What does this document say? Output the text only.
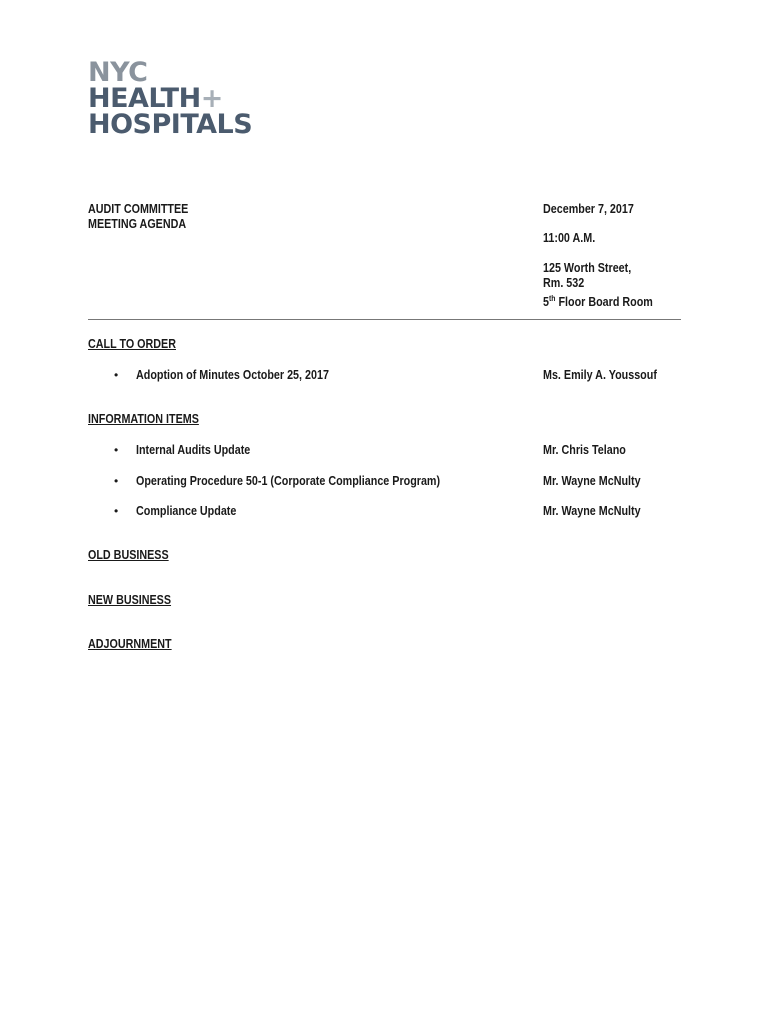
NYC
HEALTH+
HOSPITALS
AUDIT COMMITTEE
MEETING AGENDA
December 7, 2017
11:00 A.M.
125 Worth Street,
Rm. 532
5th Floor Board Room
CALL TO ORDER
• Adoption of Minutes October 25, 2017	Ms. Emily A. Youssouf
INFORMATION ITEMS
• Internal Audits Update	Mr. Chris Telano
• Operating Procedure 50-1 (Corporate Compliance Program)	Mr. Wayne McNulty
• Compliance Update	Mr. Wayne McNulty
OLD BUSINESS
NEW BUSINESS
ADJOURNMENT
